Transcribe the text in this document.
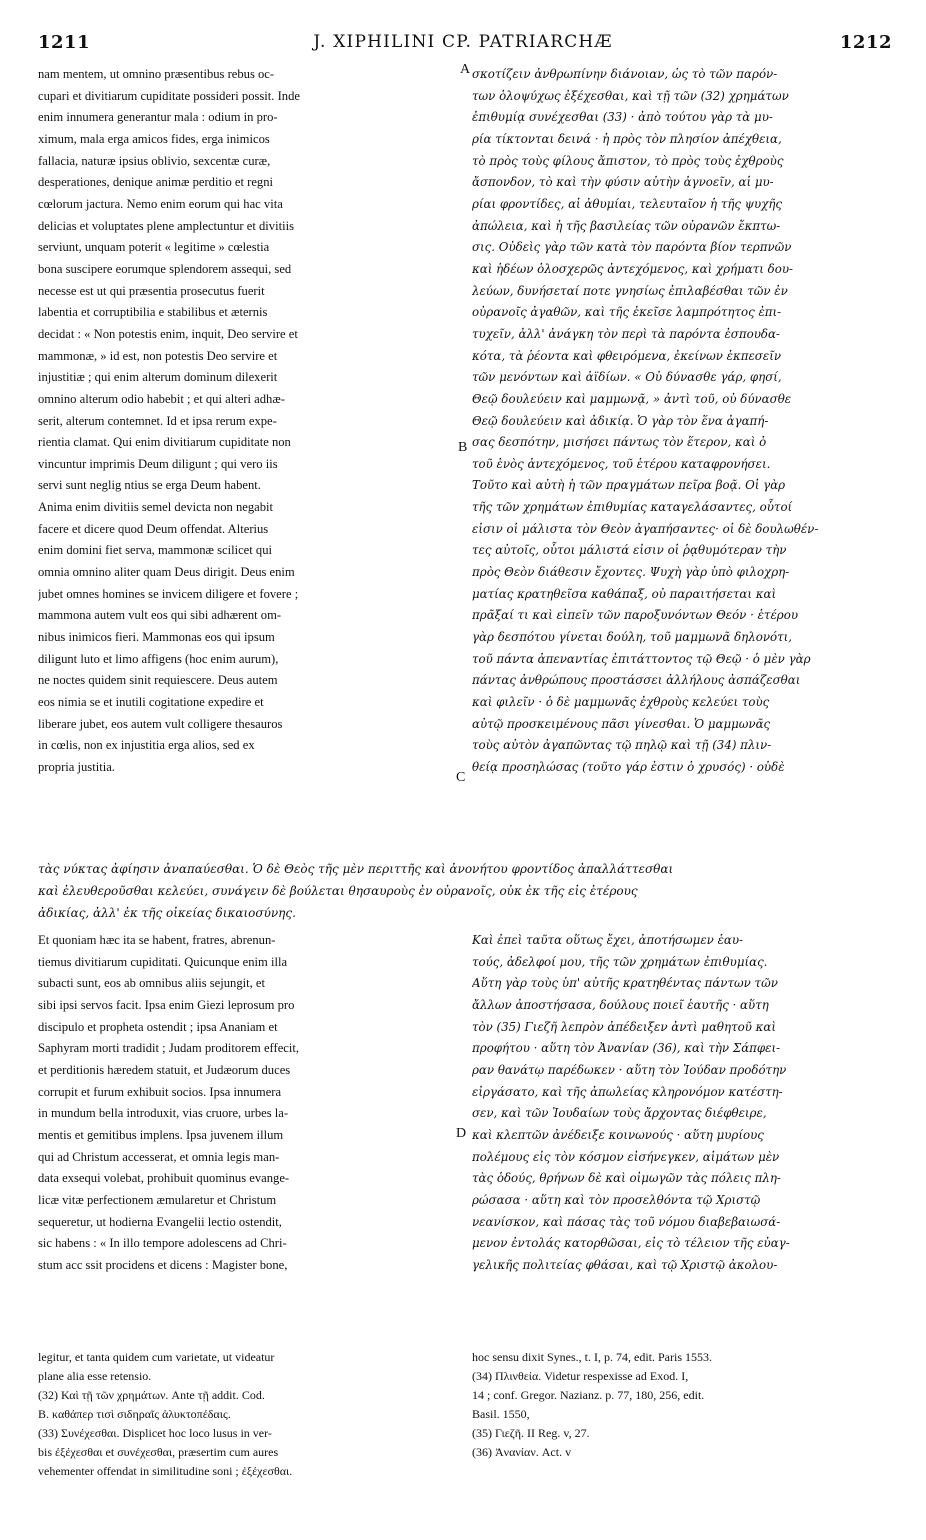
1211	J. XIPHILINI CP. PATRIARCHÆ	1212
A
B
C
D
nam mentem, ut omnino præsentibus rebus oc-
cupari et divitiarum cupiditate possideri possit. Inde
enim innumera generantur mala : odium in pro-
ximum, mala erga amicos fides, erga inimicos
fallacia, naturæ ipsius oblivio, sexcentæ curæ,
desperationes, denique animæ perditio et regni
cœlorum jactura. Nemo enim eorum qui hac vita
delicias et voluptates plene amplectuntur et divitiis
serviunt, unquam poterit « legitime » cœlestia
bona suscipere eorumque splendorem assequi, sed
necesse est ut qui præsentia prosecutus fuerit
labentia et corruptibilia e stabilibus et æternis
decidat : « Non potestis enim, inquit, Deo servire et
mammonæ, » id est, non potestis Deo servire et
injustitiæ ; qui enim alterum dominum dilexerit
omnino alterum odio habebit ; et qui alteri adhæ-
serit, alterum contemnet. Id et ipsa rerum expe-
rientia clamat. Qui enim divitiarum cupiditate non
vincuntur imprimis Deum diligunt ; qui vero iis
servi sunt neglig ntius se erga Deum habent.
Anima enim divitiis semel devicta non negabit
facere et dicere quod Deum offendat. Alterius
enim domini fiet serva, mammonæ scilicet qui
omnia omnino aliter quam Deus dirigit. Deus enim
jubet omnes homines se invicem diligere et fovere ;
mammona autem vult eos qui sibi adhærent om-
nibus inimicos fieri. Mammonas eos qui ipsum
diligunt luto et limo affigens (hoc enim aurum),
ne noctes quidem sinit requiescere. Deus autem
eos nimia se et inutili cogitatione expedire et
liberare jubet, eos autem vult colligere thesauros
in cœlis, non ex injustitia erga alios, sed ex
propria justitia.
σκοτίζειν ἀνθρωπίνην διάνοιαν, ὡς τὸ τῶν παρόν-
των ὁλοψύχως ἐξέχεσθαι, καὶ τῇ τῶν (32) χρημάτων
ἐπιθυμίᾳ συνέχεσθαι (33) · ἀπὸ τούτου γὰρ τὰ μυ-
ρία τίκτονται δεινά · ἡ πρὸς τὸν πλησίον ἀπέχθεια,
τὸ πρὸς τοὺς φίλους ἄπιστον, τὸ πρὸς τοὺς ἐχθροὺς
ἄσπονδον, τὸ καὶ τὴν φύσιν αὐτὴν ἀγνοεῖν, αἱ μυ-
ρίαι φροντίδες, αἱ ἀθυμίαι, τελευταῖον ἡ τῆς ψυχῆς
ἀπώλεια, καὶ ἡ τῆς βασιλείας τῶν οὐρανῶν ἔκπτω-
σις. Οὐδεὶς γὰρ τῶν κατὰ τὸν παρόντα βίον τερπνῶν
καὶ ἡδέων ὁλοσχερῶς ἀντεχόμενος, καὶ χρήματι δου-
λεύων, δυνήσεταί ποτε γνησίως ἐπιλαβέσθαι τῶν ἐν
οὐρανοῖς ἀγαθῶν, καὶ τῆς ἐκεῖσε λαμπρότητος ἐπι-
τυχεῖν, ἀλλ' ἀνάγκη τὸν περὶ τὰ παρόντα ἐσπουδα-
κότα, τὰ ῥέοντα καὶ φθειρόμενα, ἐκείνων ἐκπεσεῖν
τῶν μενόντων καὶ ἀϊδίων. « Οὐ δύνασθε γάρ, φησί,
Θεῷ δουλεύειν καὶ μαμμωνᾷ, » ἀντὶ τοῦ, οὐ δύνασθε
Θεῷ δουλεύειν καὶ ἀδικίᾳ. Ὁ γὰρ τὸν ἕνα ἀγαπή-
σας δεσπότην, μισήσει πάντως τὸν ἕτερον, καὶ ὁ
τοῦ ἑνὸς ἀντεχόμενος, τοῦ ἑτέρου καταφρονήσει.
Τοῦτο καὶ αὐτὴ ἡ τῶν πραγμάτων πεῖρα βοᾷ. Οἱ γὰρ
τῆς τῶν χρημάτων ἐπιθυμίας καταγελάσαντες, οὗτοί
εἰσιν οἱ μάλιστα τὸν Θεὸν ἀγαπήσαντες· οἱ δὲ δουλωθέν-
τες αὐτοῖς, οὗτοι μάλιστά εἰσιν οἱ ῥᾳθυμότεραν τὴν
πρὸς Θεὸν διάθεσιν ἔχοντες. Ψυχὴ γὰρ ὑπὸ φιλοχρη-
ματίας κρατηθεῖσα καθάπαξ, οὐ παραιτήσεται καὶ
πρᾶξαί τι καὶ εἰπεῖν τῶν παροξυνόντων Θεόν · ἑτέρου
γὰρ δεσπότου γίνεται δούλη, τοῦ μαμμωνᾶ δηλονότι,
τοῦ πάντα ἀπεναντίας ἐπιτάττοντος τῷ Θεῷ · ὁ μὲν γὰρ
πάντας ἀνθρώπους προστάσσει ἀλλήλους ἀσπάζεσθαι
καὶ φιλεῖν · ὁ δὲ μαμμωνᾶς ἐχθροὺς κελεύει τοὺς
αὐτῷ προσκειμένους πᾶσι γίνεσθαι. Ὁ μαμμωνᾶς
τοὺς αὐτὸν ἀγαπῶντας τῷ πηλῷ καὶ τῇ (34) πλιν-
θείᾳ προσηλώσας (τοῦτο γάρ ἐστιν ὁ χρυσός) · οὐδὲ
τὰς νύκτας ἀφίησιν ἀναπαύεσθαι. Ὁ δὲ Θεὸς τῆς μὲν περιττῆς καὶ ἀνονήτου φροντίδος ἀπαλλάττεσθαι
καὶ ἐλευθεροῦσθαι κελεύει, συνάγειν δὲ βούλεται θησαυροὺς ἐν οὐρανοῖς, οὐκ ἐκ τῆς εἰς ἑτέρους
ἀδικίας, ἀλλ' ἐκ τῆς οἰκείας δικαιοσύνης.
Et quoniam hæc ita se habent, fratres, abrenun-
tiemus divitiarum cupiditati. Quicunque enim illa
subacti sunt, eos ab omnibus aliis sejungit, et
sibi ipsi servos facit. Ipsa enim Giezi leprosum pro
discipulo et propheta ostendit ; ipsa Ananiam et
Saphyram morti tradidit ; Judam proditorem effecit,
et perditionis hæredem statuit, et Judæorum duces
corrupit et furum exhibuit socios. Ipsa innumera
in mundum bella introduxit, vias cruore, urbes la-
mentis et gemitibus implens. Ipsa juvenem illum
qui ad Christum accesserat, et omnia legis man-
data exsequi volebat, prohibuit quominus evange-
licæ vitæ perfectionem æmularetur et Christum
sequeretur, ut hodierna Evangelii lectio ostendit,
sic habens : « In illo tempore adolescens ad Chri-
stum acc ssit procidens et dicens : Magister bone,
Καὶ ἐπεὶ ταῦτα οὕτως ἔχει, ἀποτήσωμεν ἑαυ-
τούς, ἀδελφοί μου, τῆς τῶν χρημάτων ἐπιθυμίας.
Αὕτη γὰρ τοὺς ὑπ' αὐτῆς κρατηθέντας πάντων τῶν
ἄλλων ἀποστήσασα, δούλους ποιεῖ ἑαυτῆς · αὕτη
τὸν (35) Γιεζῆ λεπρὸν ἀπέδειξεν ἀντὶ μαθητοῦ καὶ
προφήτου · αὕτη τὸν Ἀνανίαν (36), καὶ τὴν Σάπφει-
ραν θανάτῳ παρέδωκεν · αὕτη τὸν Ἰούδαν προδότην
εἰργάσατο, καὶ τῆς ἀπωλείας κληρονόμον κατέστη-
σεν, καὶ τῶν Ἰουδαίων τοὺς ἄρχοντας διέφθειρε,
καὶ κλεπτῶν ἀνέδειξε κοινωνούς · αὕτη μυρίους
πολέμους εἰς τὸν κόσμον εἰσήνεγκεν, αἱμάτων μὲν
τὰς ὁδούς, θρήνων δὲ καὶ οἰμωγῶν τὰς πόλεις πλη-
ρώσασα · αὕτη καὶ τὸν προσελθόντα τῷ Χριστῷ
νεανίσκον, καὶ πάσας τὰς τοῦ νόμου διαβεβαιωσά-
μενον ἐντολάς κατορθῶσαι, εἰς τὸ τέλειον τῆς εὐαγ-
γελικῆς πολιτείας φθάσαι, καὶ τῷ Χριστῷ ἀκολου-
legitur, et tanta quidem cum varietate, ut videatur
plane alia esse retensio.
(32) Καὶ τῇ τῶν χρημάτων. Ante τῇ addit. Cod.
B. καθάπερ τισὶ σιδηραῖς ἀλυκτοπέδαις.
(33) Συνέχεσθαι. Displicet hoc loco lusus in ver-
bis ἐξέχεσθαι et συνέχεσθαι, præsertim cum aures
vehementer offendat in similitudine soni ; ἐξέχεσθαι.
hoc sensu dixit Synes., t. I, p. 74, edit. Paris 1553.
(34) Πλινθεία. Videtur respexisse ad Exod. I,
14 ; conf. Gregor. Nazianz. p. 77, 180, 256, edit.
Basil. 1550,
(35) Γιεζῆ. II Reg. v, 27.
(36) Ἀνανίαν. Act. v
